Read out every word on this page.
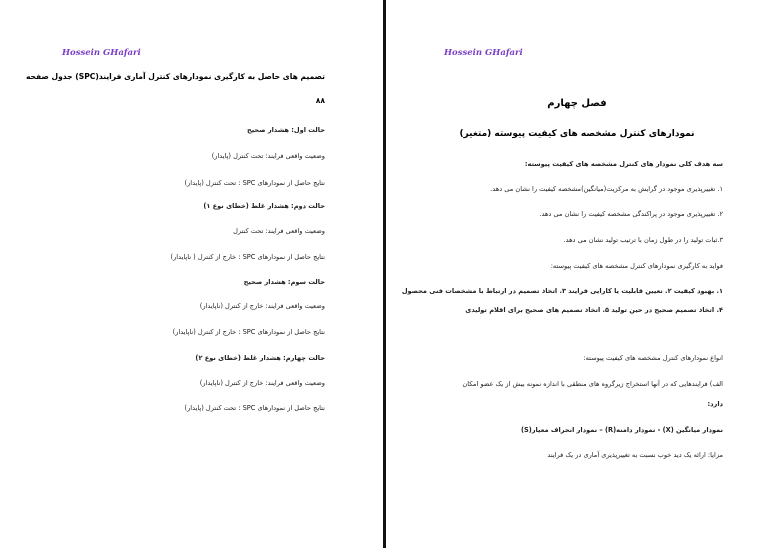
Hossein GHafari
تصمیم های حاصل به کارگیری نمودارهای کنترل آماری فرایند(SPC) جدول صفحه
۸۸
حالت اول: هشدار صحیح
وضعیت واقعی فرایند: تحت کنترل (پایدار)
نتایج حاصل از نمودارهای SPC : تحت کنترل (پایدار)
حالت دوم: هشدار غلط (خطای نوع ۱)
وضعیت واقعی فرایند: تحت کنترل
نتایج حاصل از نمودارهای SPC : خارج از کنترل ( ناپایدار)
حالت سوم: هشدار صحیح
وضعیت واقعی فرایند: خارج از کنترل (ناپایدار)
نتایج حاصل از نمودارهای SPC : خارج از کنترل (ناپایدار)
حالت چهارم: هشدار غلط (خطای نوع ۲)
وضعیت واقعی فرایند: خارج از کنترل (ناپایدار)
نتایج حاصل از نمودارهای SPC : تحت کنترل (پایدار)
Hossein GHafari
فصل چهارم
نمودارهای کنترل مشخصه های کیفیت پیوسته (متغیر)
سه هدف کلی نمودار های کنترل مشخصه های کیفیت پیوسته:
۱. تغییرپذیری موجود در گرایش به مرکزیت(میانگین)مشخصه کیفیت را نشان می دهد.
۲. تغییرپذیری موجود در پراکندگی مشخصه کیفیت را نشان می دهد.
۳.ثبات تولید را در طول زمان با ترتیب تولید نشان می دهد.
فواید به کارگیری نمودارهای کنترل مشخصه های کیفیت پیوسته:
۱. بهبود کیفیت ۲. تعیین قابلیت یا کارایی فرایند ۳. اتخاذ تصمیم در ارتباط با مشخصات فنی محصول
۴. اتخاذ تصمیم صحیح در حین تولید ۵. اتخاذ تصمیم های صحیح برای اقلام تولیدی
انواع نمودارهای کنترل مشخصه های کیفیت پیوسته:
الف) فرایندهایی که در آنها استخراج زیرگروه های منطقی با اندازه نمونه بیش از یک عضو امکان
دارد:
نمودار میانگین (X) - نمودار دامنه(R) – نمودار انحراف معیار(S)
مزایا: ارائه یک دید خوب نسبت به تغییرپذیری آماری در یک فرایند
